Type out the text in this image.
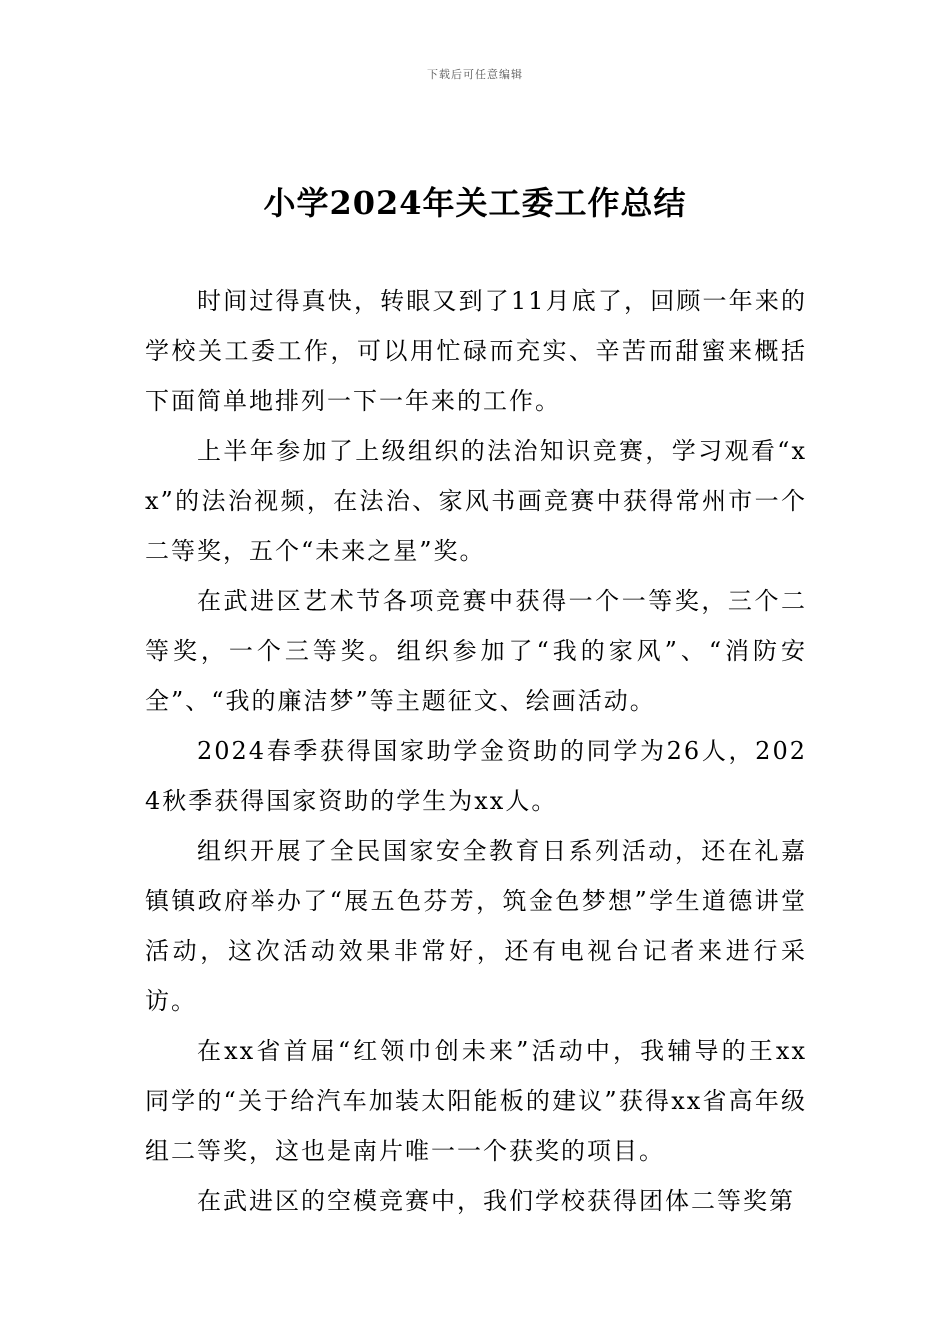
下载后可任意编辑
小学2024年关工委工作总结

时间过得真快，转眼又到了11月底了，回顾一年来的学校关工委工作，可以用忙碌而充实、辛苦而甜蜜来概括下面简单地排列一下一年来的工作。

上半年参加了上级组织的法治知识竞赛，学习观看“xx”的法治视频，在法治、家风书画竞赛中获得常州市一个二等奖，五个“未来之星”奖。

在武进区艺术节各项竞赛中获得一个一等奖，三个二等奖，一个三等奖。组织参加了“我的家风”、“消防安全”、“我的廉洁梦”等主题征文、绘画活动。

2024春季获得国家助学金资助的同学为26人，2024秋季获得国家资助的学生为xx人。

组织开展了全民国家安全教育日系列活动，还在礼嘉镇镇政府举办了“展五色芬芳，筑金色梦想”学生道德讲堂活动，这次活动效果非常好，还有电视台记者来进行采访。

在xx省首届“红领巾创未来”活动中，我辅导的王xx同学的“关于给汽车加装太阳能板的建议”获得xx省高年级组二等奖，这也是南片唯一一个获奖的项目。

在武进区的空模竞赛中，我们学校获得团体二等奖第
